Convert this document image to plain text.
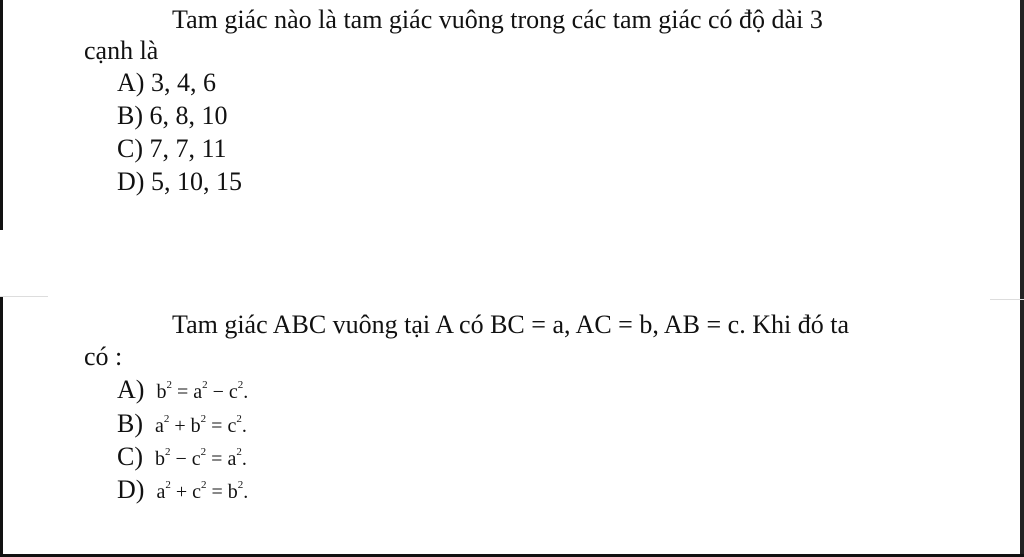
Tam giác nào là tam giác vuông trong các tam giác có độ dài 3
cạnh là
A) 3, 4, 6
B) 6, 8, 10
C) 7, 7, 11
D) 5, 10, 15
Tam giác ABC vuông tại A có BC = a, AC = b, AB = c. Khi đó ta
có :
A) $b^2 = a^2 - c^2$.
B) $a^2 + b^2 = c^2$.
C) $b^2 - c^2 = a^2$.
D) $a^2 + c^2 = b^2$.
